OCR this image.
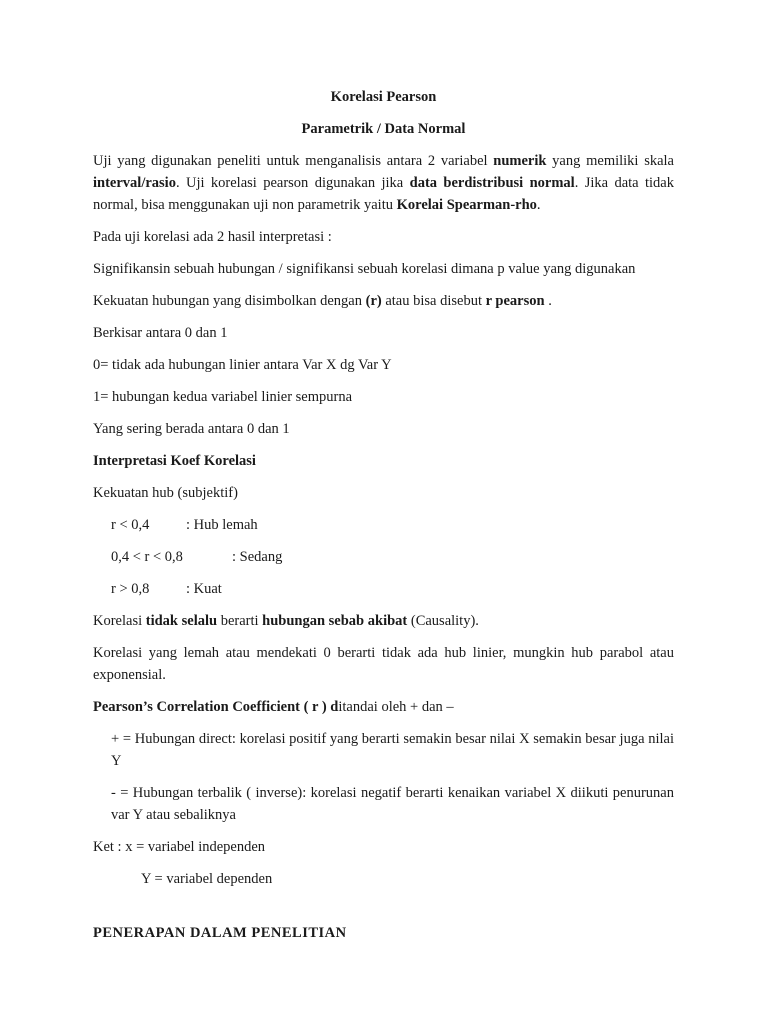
Korelasi Pearson

Parametrik / Data Normal

Uji yang digunakan peneliti untuk menganalisis antara 2 variabel numerik yang memiliki skala interval/rasio. Uji korelasi pearson digunakan jika data berdistribusi normal. Jika data tidak normal, bisa menggunakan uji non parametrik yaitu Korelai Spearman-rho.

Pada uji korelasi ada 2 hasil interpretasi :

Signifikansin sebuah hubungan / signifikansi sebuah korelasi dimana p value yang digunakan

Kekuatan hubungan yang disimbolkan dengan (r) atau bisa disebut r pearson .

Berkisar antara 0 dan 1

0= tidak ada hubungan linier antara Var X dg Var Y

1= hubungan kedua variabel linier sempurna

Yang sering berada antara 0 dan 1

Interpretasi Koef Korelasi

Kekuatan hub (subjektif)

r < 0,4	: Hub lemah
0,4 < r < 0,8	: Sedang
r > 0,8	: Kuat

Korelasi tidak selalu berarti hubungan sebab akibat (Causality).

Korelasi yang lemah atau mendekati 0 berarti tidak ada hub linier, mungkin hub parabol atau exponensial.

Pearson’s Correlation Coefficient ( r ) ditandai oleh + dan –

+ = Hubungan direct: korelasi positif yang berarti semakin besar nilai X semakin besar juga nilai Y

- = Hubungan terbalik ( inverse): korelasi negatif berarti kenaikan variabel X diikuti penurunan var Y atau sebaliknya

Ket : x = variabel independen

Y = variabel dependen

PENERAPAN DALAM PENELITIAN
